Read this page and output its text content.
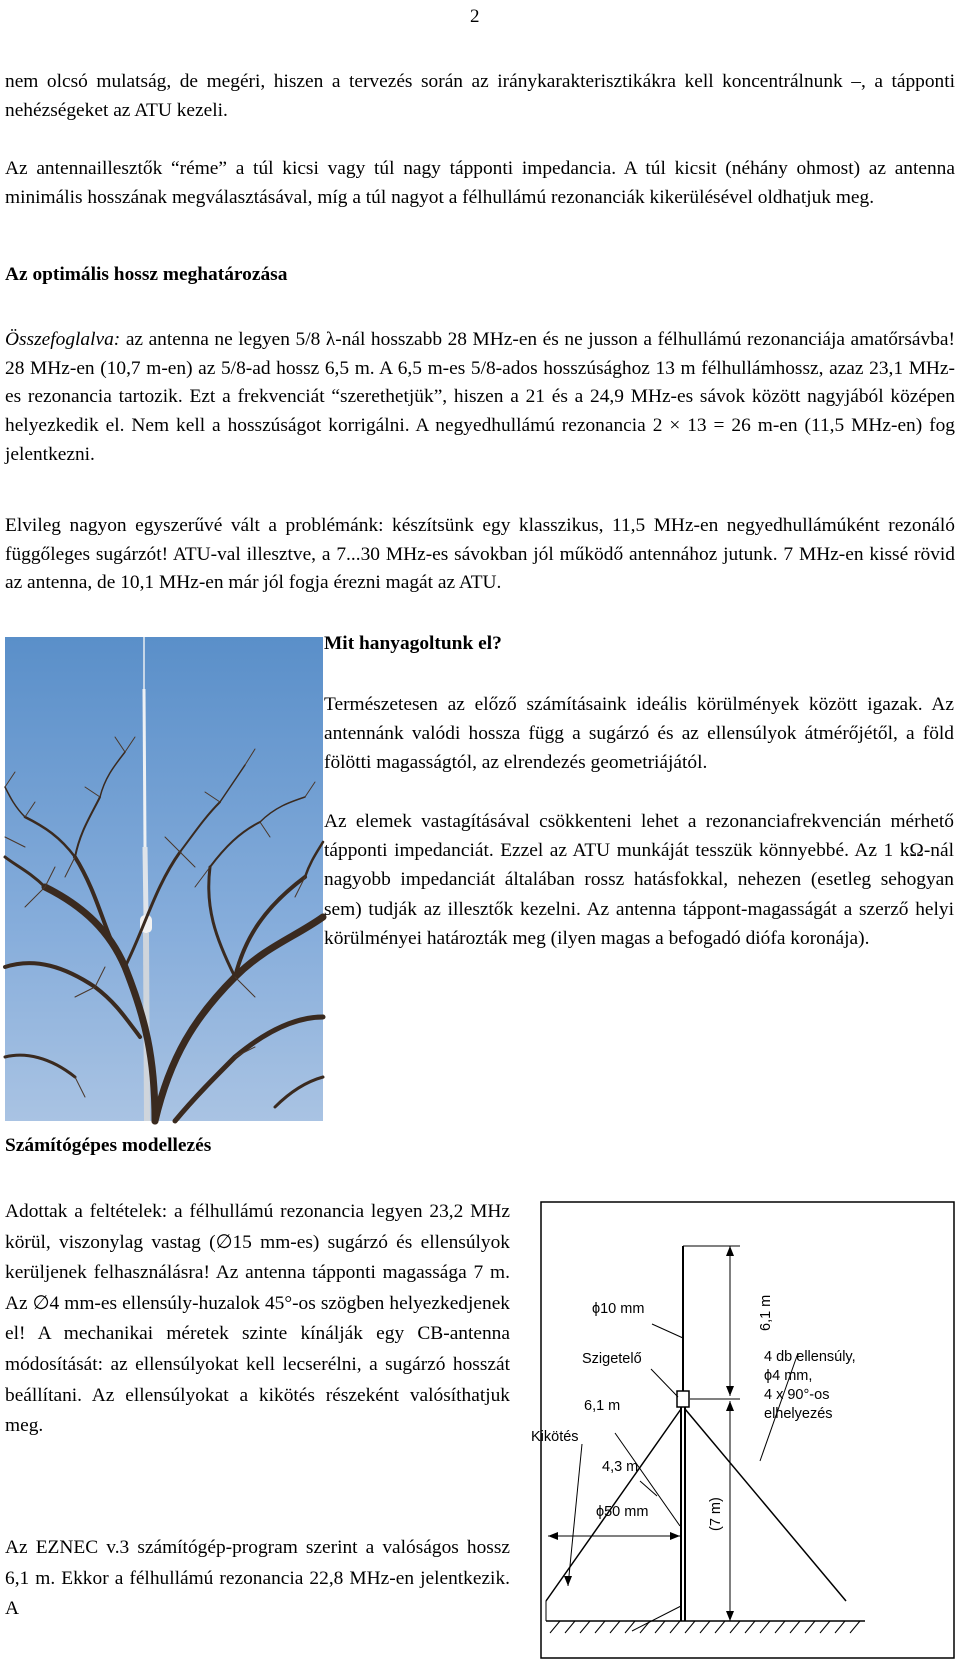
2

nem olcsó mulatság, de megéri, hiszen a tervezés során az iránykarakterisztikákra kell koncentrálnunk –, a tápponti nehézségeket az ATU kezeli.

Az antennaillesztők “réme” a túl kicsi vagy túl nagy tápponti impedancia. A túl kicsit (néhány ohmost) az antenna minimális hosszának megválasztásával, míg a túl nagyot a félhullámú rezonanciák kikerülésével oldhatjuk meg.

Az optimális hossz meghatározása

Összefoglalva: az antenna ne legyen 5/8 λ-nál hosszabb 28 MHz-en és ne jusson a félhullámú rezonanciája amatőrsávba! 28 MHz-en (10,7 m-en) az 5/8-ad hossz 6,5 m. A 6,5 m-es 5/8-ados hosszúsághoz 13 m félhullámhossz, azaz 23,1 MHz-es rezonancia tartozik. Ezt a frekvenciát “szerethetjük”, hiszen a 21 és a 24,9 MHz-es sávok között nagyjából középen helyezkedik el. Nem kell a hosszúságot korrigálni. A negyedhullámú rezonancia 2 × 13 = 26 m-en (11,5 MHz-en) fog jelentkezni.

Elvileg nagyon egyszerűvé vált a problémánk: készítsünk egy klasszikus, 11,5 MHz-en negyedhullámúként rezonáló függőleges sugárzót! ATU-val illesztve, a 7...30 MHz-es sávokban jól működő antennához jutunk. 7 MHz-en kissé rövid az antenna, de 10,1 MHz-en már jól fogja érezni magát az ATU.

Mit hanyagoltunk el?

Természetesen az előző számításaink ideális körülmények között igazak. Az antennánk valódi hossza függ a sugárzó és az ellensúlyok átmérőjétől, a föld fölötti magasságtól, az elrendezés geometriájától.

Az elemek vastagításával csökkenteni lehet a rezonanciafrekvencián mérhető tápponti impedanciát. Ezzel az ATU munkáját tesszük könnyebbé. Az 1 kΩ-nál nagyobb impedanciát általában rossz hatásfokkal, nehezen (esetleg sehogyan sem) tudják az illesztők kezelni. Az antenna táppont-magasságát a szerző helyi körülményei határozták meg (ilyen magas a befogadó diófa koronája).

Számítógépes modellezés

Adottak a feltételek: a félhullámú rezonancia legyen 23,2 MHz körül, viszonylag vastag (∅15 mm-es) sugárzó és ellensúlyok kerüljenek felhasználásra! Az antenna tápponti magassága 7 m. Az ∅4 mm-es ellensúly-huzalok 45°-os szögben helyezkedjenek el! A mechanikai méretek szinte kínálják egy CB-antenna módosítását: az ellensúlyokat kell lecserélni, a sugárzó hosszát beállítani. Az ellensúlyokat a kikötés részeként valósíthatjuk meg.

Az EZNEC v.3 számítógép-program szerint a valóságos hossz 6,1 m. Ekkor a félhullámú rezonancia 22,8 MHz-en jelentkezik. A

ϕ10 mm	6,1 m
Szigetelő	4 db ellensúly,
ϕ4 mm,
4 x 90°-os
elhelyezés
6,1 m
Kikötés
4,3 m
(7 m)
ϕ50 mm
